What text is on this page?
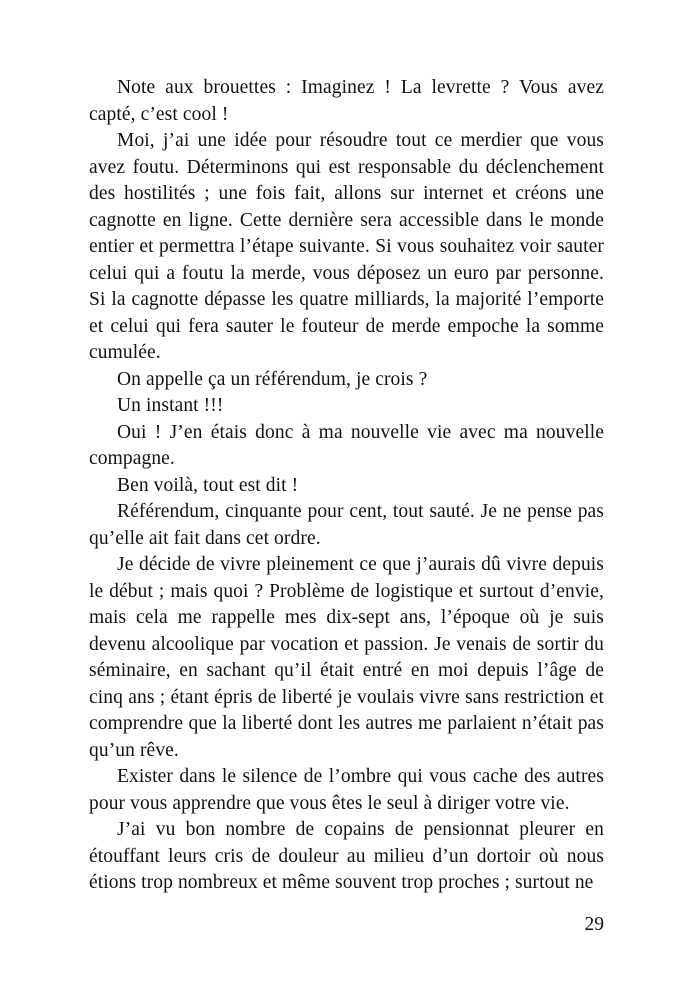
Note aux brouettes : Imaginez ! La levrette ? Vous avez capté, c’est cool !

Moi, j’ai une idée pour résoudre tout ce merdier que vous avez foutu. Déterminons qui est responsable du déclenchement des hostilités ; une fois fait, allons sur internet et créons une cagnotte en ligne. Cette dernière sera accessible dans le monde entier et permettra l’étape suivante. Si vous souhaitez voir sauter celui qui a foutu la merde, vous déposez un euro par personne. Si la cagnotte dépasse les quatre milliards, la majorité l’emporte et celui qui fera sauter le fouteur de merde empoche la somme cumulée.

On appelle ça un référendum, je crois ?

Un instant !!!

Oui ! J’en étais donc à ma nouvelle vie avec ma nouvelle compagne.

Ben voilà, tout est dit !

Référendum, cinquante pour cent, tout sauté. Je ne pense pas qu’elle ait fait dans cet ordre.

Je décide de vivre pleinement ce que j’aurais dû vivre depuis le début ; mais quoi ? Problème de logistique et surtout d’envie, mais cela me rappelle mes dix-sept ans, l’époque où je suis devenu alcoolique par vocation et passion. Je venais de sortir du séminaire, en sachant qu’il était entré en moi depuis l’âge de cinq ans ; étant épris de liberté je voulais vivre sans restriction et comprendre que la liberté dont les autres me parlaient n’était pas qu’un rêve.

Exister dans le silence de l’ombre qui vous cache des autres pour vous apprendre que vous êtes le seul à diriger votre vie.

J’ai vu bon nombre de copains de pensionnat pleurer en étouffant leurs cris de douleur au milieu d’un dortoir où nous étions trop nombreux et même souvent trop proches ; surtout ne

29
